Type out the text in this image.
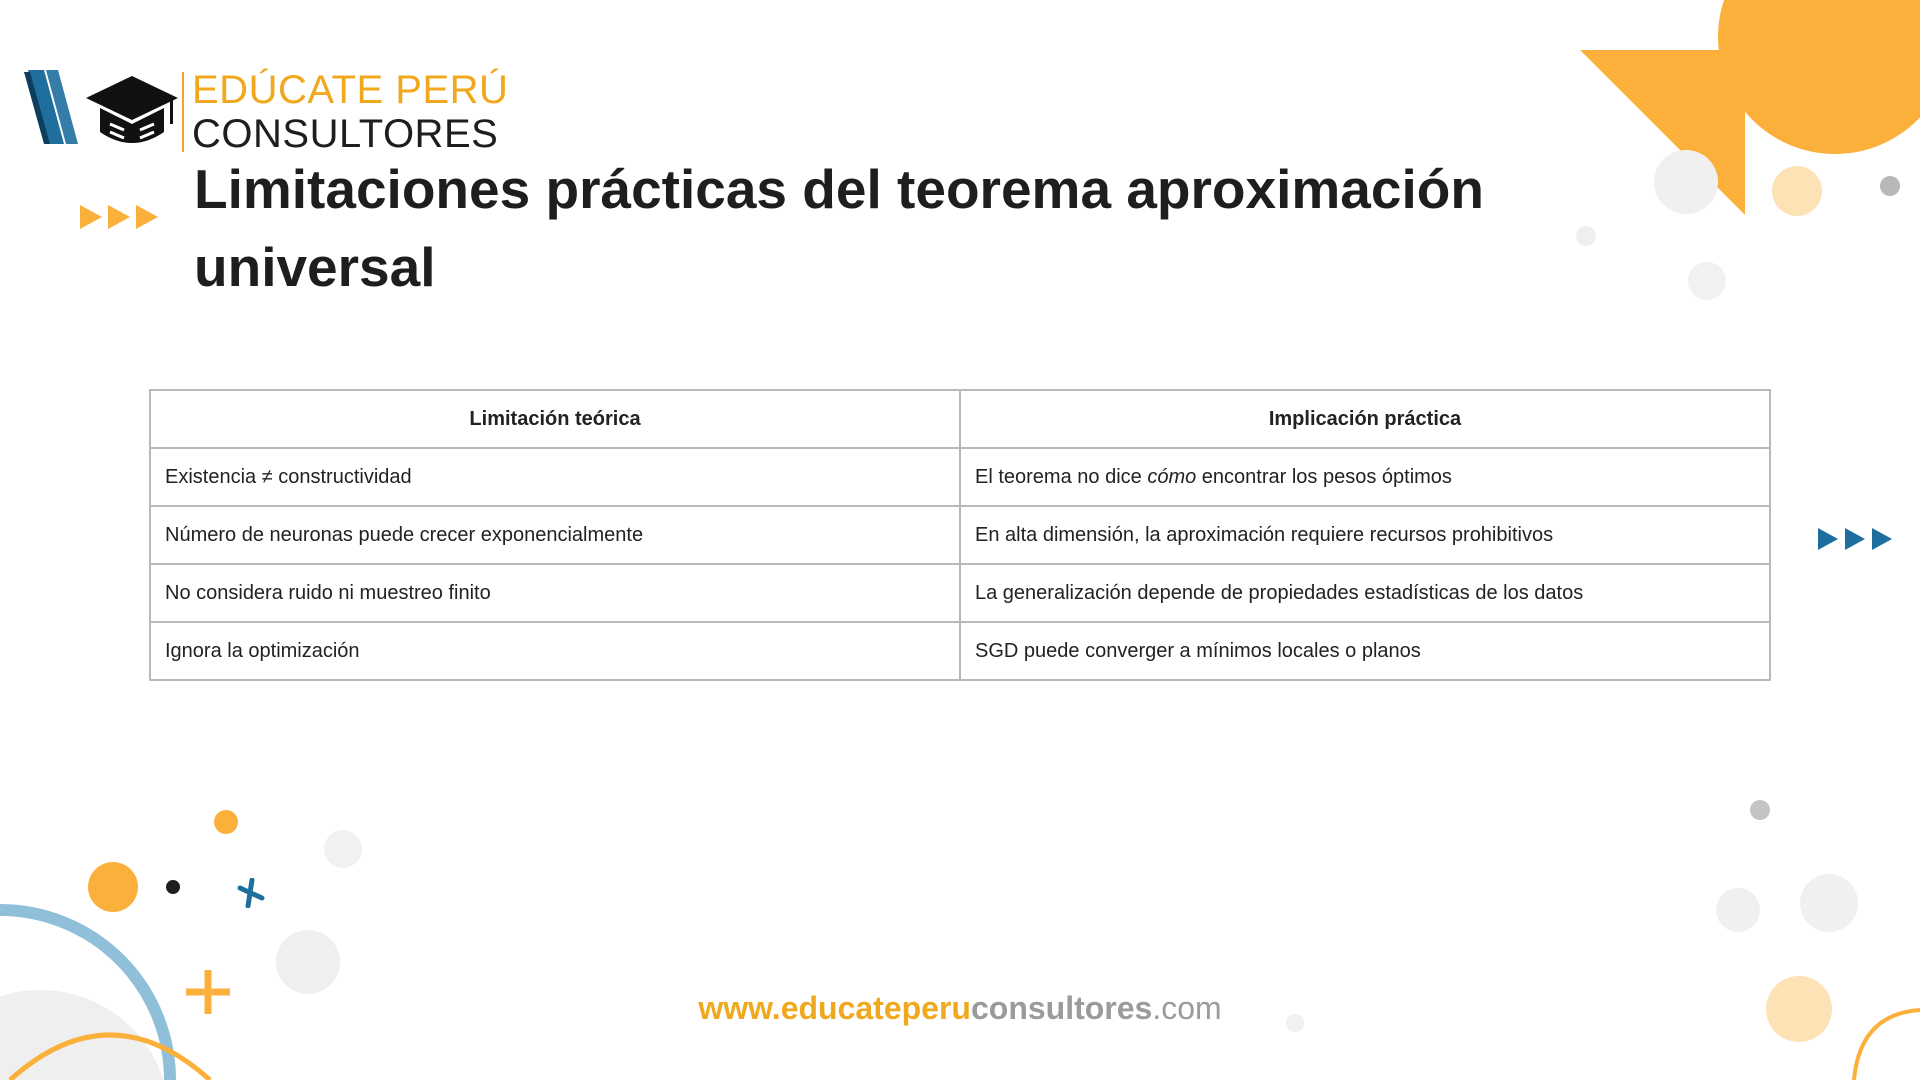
EDÚCATE PERÚ
CONSULTORES
Limitaciones prácticas del teorema aproximación universal
Limitación teórica	Implicación práctica
Existencia ≠ constructividad	El teorema no dice cómo encontrar los pesos óptimos
Número de neuronas puede crecer exponencialmente	En alta dimensión, la aproximación requiere recursos prohibitivos
No considera ruido ni muestreo finito	La generalización depende de propiedades estadísticas de los datos
Ignora la optimización	SGD puede converger a mínimos locales o planos
www.educateperuconsultores.com
